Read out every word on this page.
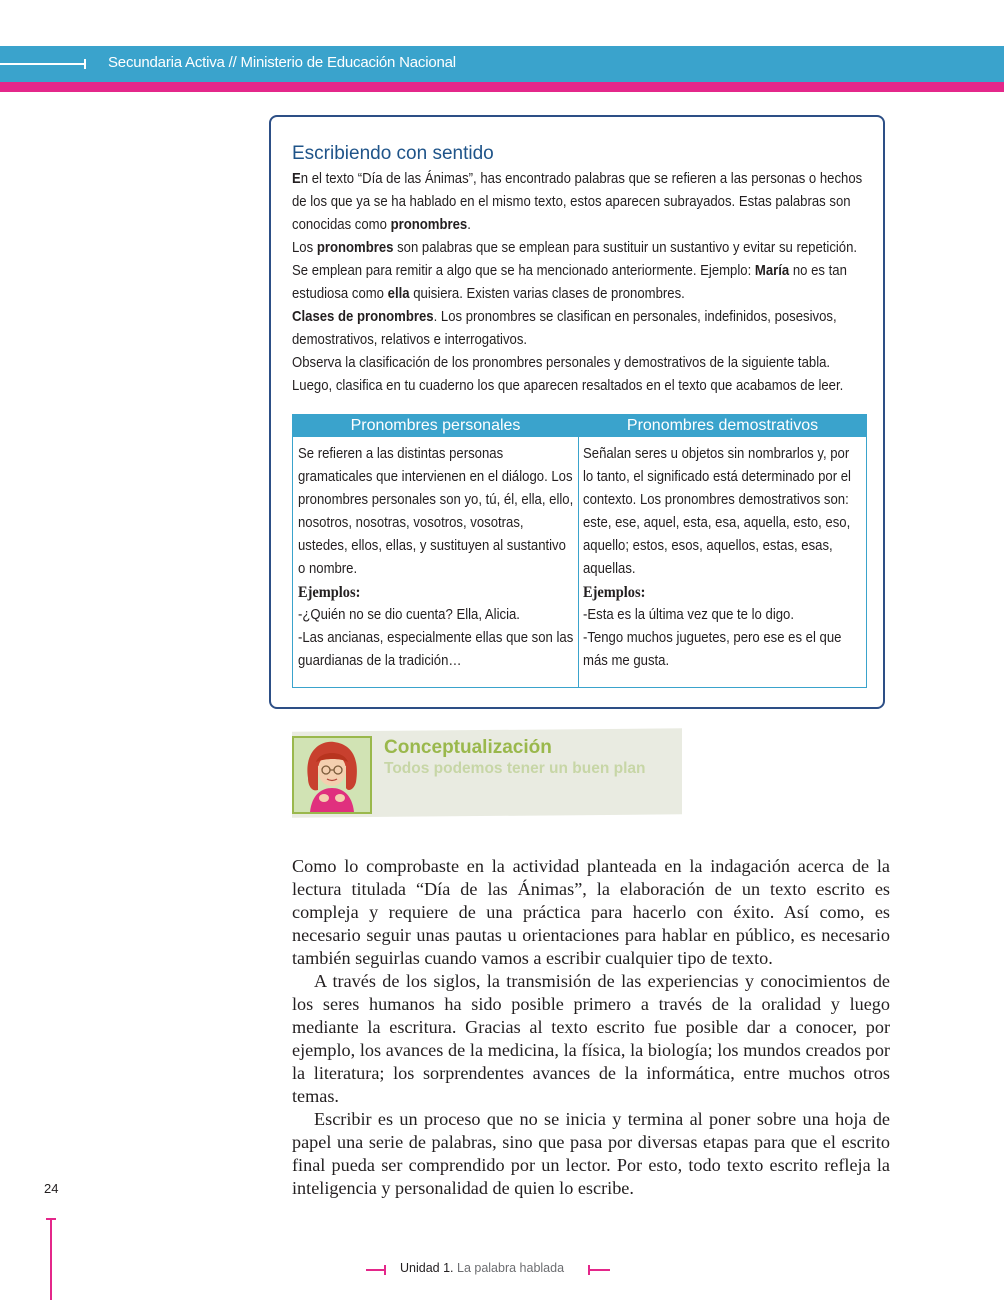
Secundaria Activa // Ministerio de Educación Nacional
Escribiendo con sentido

En el texto “Día de las Ánimas”, has encontrado palabras que se refieren a las personas o hechos de los que ya se ha hablado en el mismo texto, estos aparecen subrayados. Estas palabras son conocidas como pronombres.

Los pronombres son palabras que se emplean para sustituir un sustantivo y evitar su repetición. Se emplean para remitir a algo que se ha mencionado anteriormente. Ejemplo: María no es tan estudiosa como ella quisiera. Existen varias clases de pronombres.

Clases de pronombres. Los pronombres se clasifican en personales, indefinidos, posesivos, demostrativos, relativos e interrogativos.

Observa la clasificación de los pronombres personales y demostrativos de la siguiente tabla. Luego, clasifica en tu cuaderno los que aparecen resaltados en el texto que acabamos de leer.

Pronombres personales	Pronombres demostrativos

Se refieren a las distintas personas gramaticales que intervienen en el diálogo. Los pronombres personales son yo, tú, él, ella, ello, nosotros, nosotras, vosotros, vosotras, ustedes, ellos, ellas, y sustituyen al sustantivo o nombre.

Ejemplos:

-¿Quién no se dio cuenta? Ella, Alicia.

-Las ancianas, especialmente ellas que son las guardianas de la tradición…

Señalan seres u objetos sin nombrarlos y, por lo tanto, el significado está determinado por el contexto. Los pronombres demostrativos son: este, ese, aquel, esta, esa, aquella, esto, eso, aquello; estos, esos, aquellos, estas, esas, aquellas.

Ejemplos:

-Esta es la última vez que te lo digo.

-Tengo muchos juguetes, pero ese es el que más me gusta.

Conceptualización
Todos podemos tener un buen plan

Como lo comprobaste en la actividad planteada en la indagación acerca de la lectura titulada “Día de las Ánimas”, la elaboración de un texto escrito es compleja y requiere de una práctica para hacerlo con éxito. Así como, es necesario seguir unas pautas u orientaciones para hablar en público, es necesario también seguirlas cuando vamos a escribir cualquier tipo de texto.

A través de los siglos, la transmisión de las experiencias y conocimientos de los seres humanos ha sido posible primero a través de la oralidad y luego mediante la escritura. Gracias al texto escrito fue posible dar a conocer, por ejemplo, los avances de la medicina, la física, la biología; los mundos creados por la literatura; los sorprendentes avances de la informática, entre muchos otros temas.

Escribir es un proceso que no se inicia y termina al poner sobre una hoja de papel una serie de palabras, sino que pasa por diversas etapas para que el escrito final pueda ser comprendido por un lector. Por esto, todo texto escrito refleja la inteligencia y personalidad de quien lo escribe.

24
Unidad 1. La palabra hablada
